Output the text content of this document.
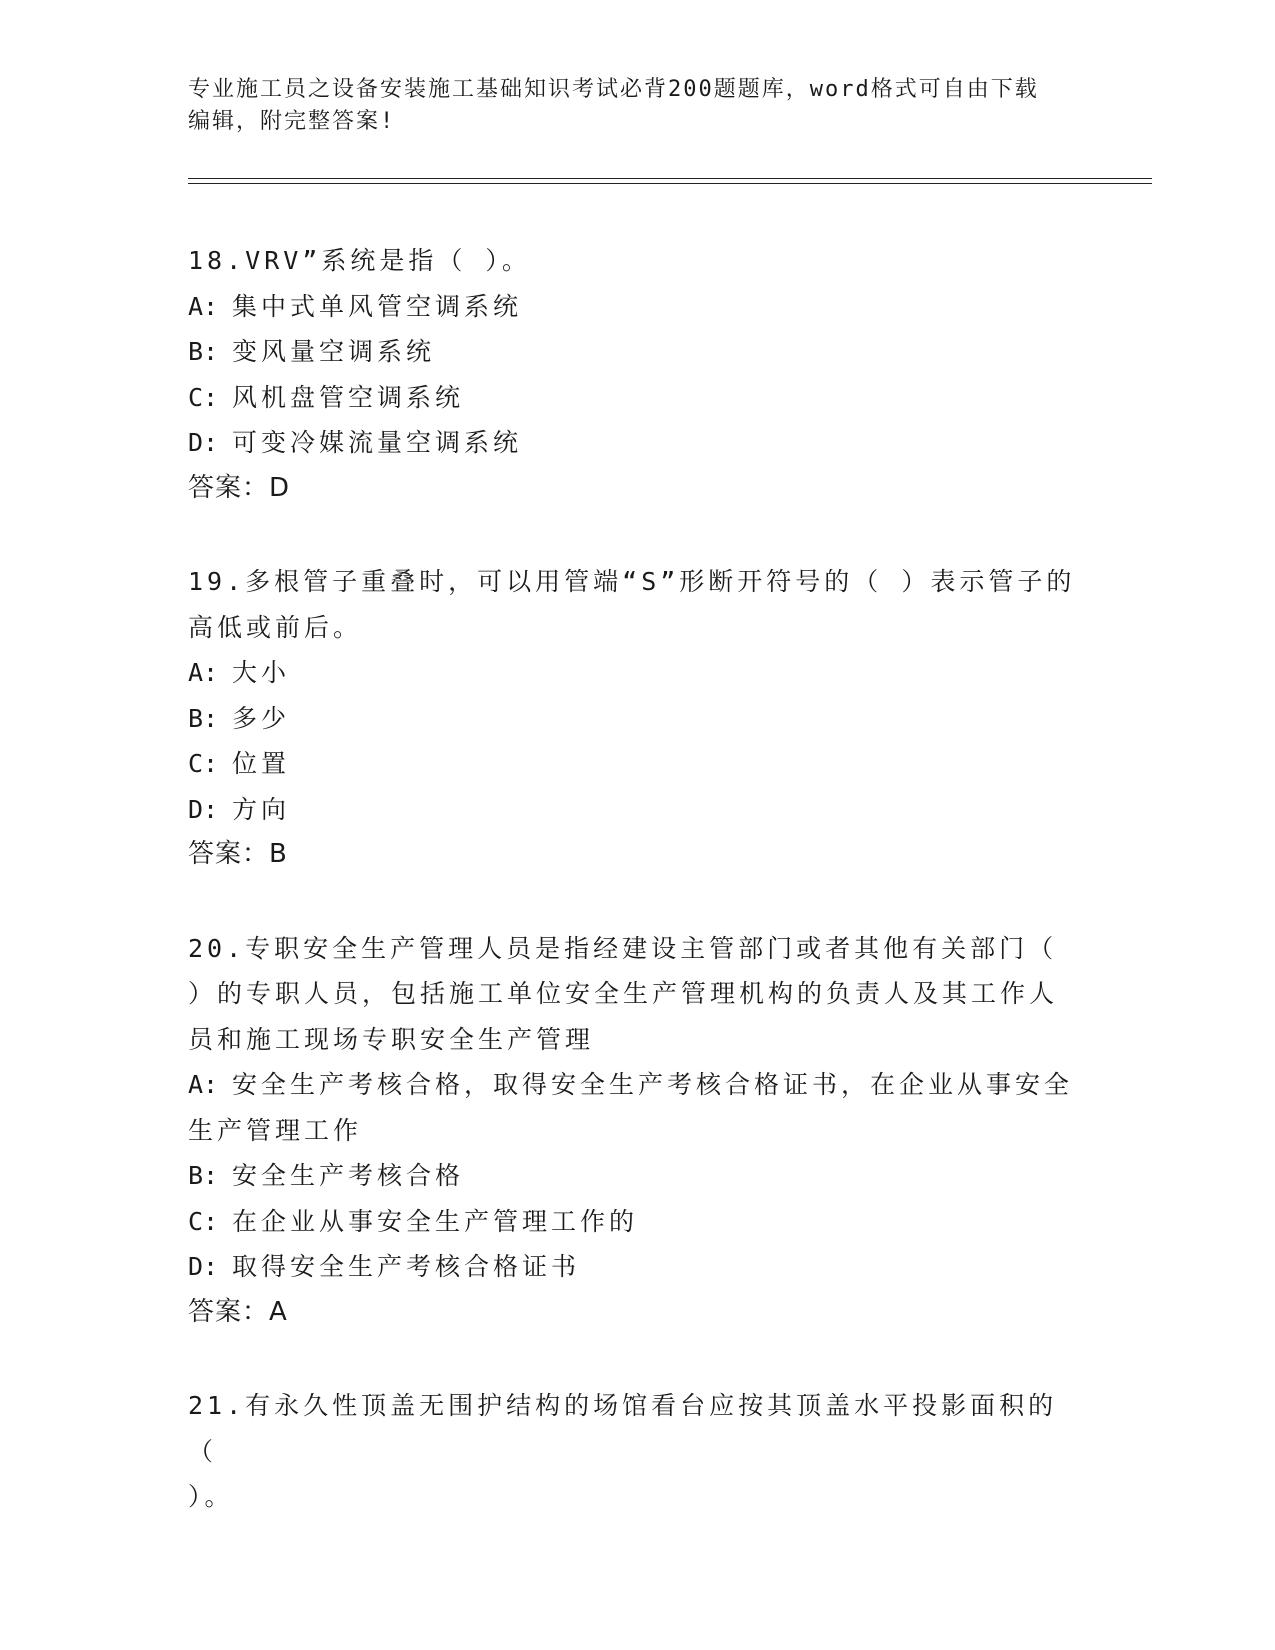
专业施工员之设备安装施工基础知识考试必背200题题库，word格式可自由下载
编辑，附完整答案!
18.VRV”系统是指（ ）。
A: 集中式单风管空调系统
B: 变风量空调系统
C: 风机盘管空调系统
D: 可变冷媒流量空调系统
答案：D
19.多根管子重叠时，可以用管端“S”形断开符号的（ ）表示管子的
高低或前后。
A: 大小
B: 多少
C: 位置
D: 方向
答案：B
20.专职安全生产管理人员是指经建设主管部门或者其他有关部门（
）的专职人员，包括施工单位安全生产管理机构的负责人及其工作人
员和施工现场专职安全生产管理
A: 安全生产考核合格，取得安全生产考核合格证书，在企业从事安全
生产管理工作
B: 安全生产考核合格
C: 在企业从事安全生产管理工作的
D: 取得安全生产考核合格证书
答案：A
21.有永久性顶盖无围护结构的场馆看台应按其顶盖水平投影面积的（
）。
